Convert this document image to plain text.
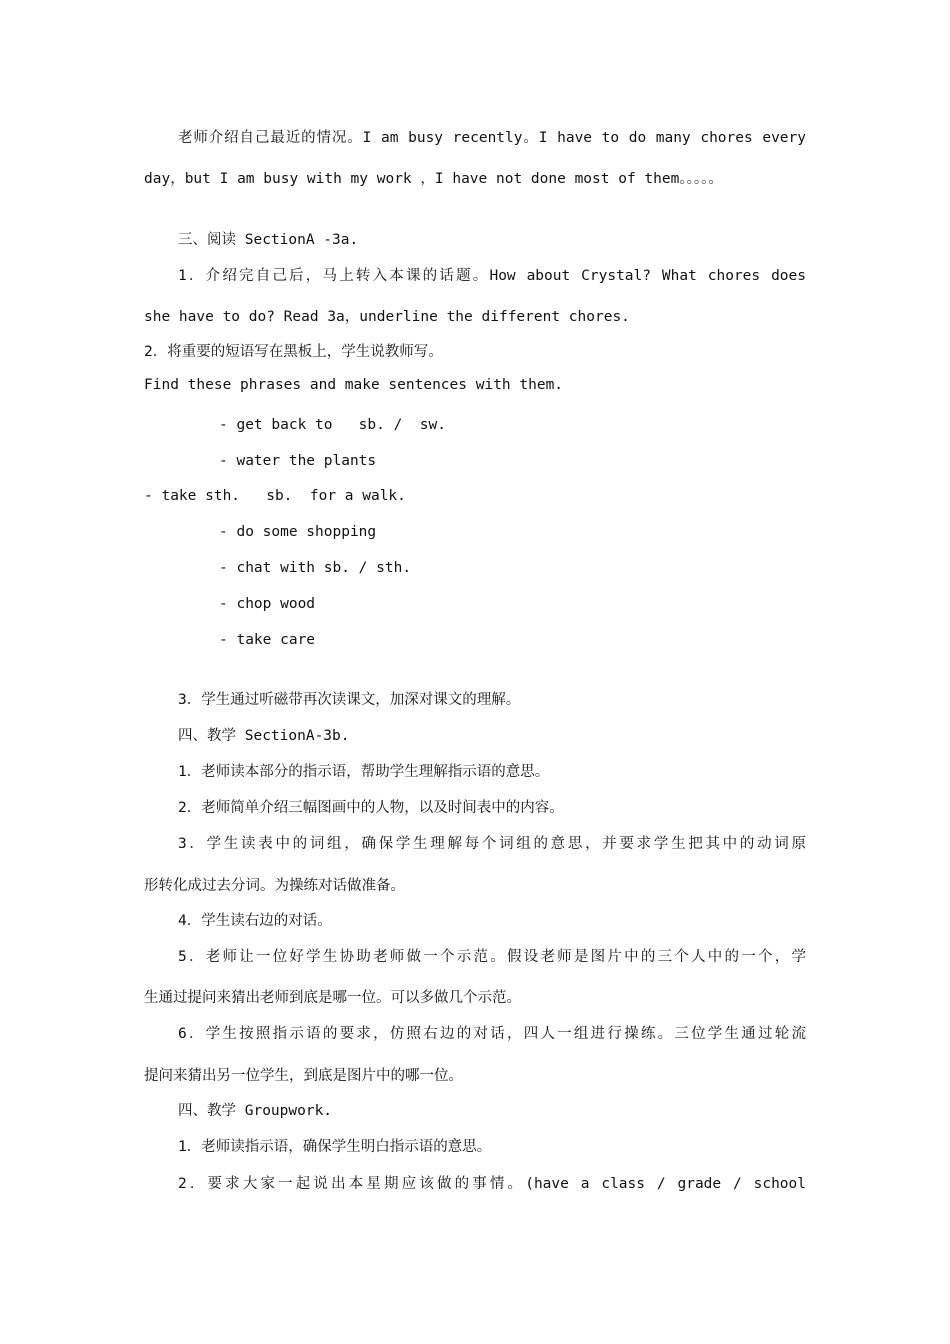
老师介绍自己最近的情况。I am busy recently。I have to do many chores every
day，but I am busy with my work ，I have not done most of them。。。。。
三、阅读 SectionA -3a.
1．介绍完自己后，马上转入本课的话题。How about Crystal? What chores does
she have to do? Read 3a，underline the different chores.
2．将重要的短语写在黑板上，学生说教师写。
Find these phrases and make sentences with them.
- get back to   sb. /  sw.
- water the plants
- take sth.   sb.  for a walk.
- do some shopping
- chat with sb. / sth.
- chop wood
- take care
3．学生通过听磁带再次读课文，加深对课文的理解。
四、教学 SectionA-3b.
1．老师读本部分的指示语，帮助学生理解指示语的意思。
2．老师简单介绍三幅图画中的人物，以及时间表中的内容。
3．学生读表中的词组，确保学生理解每个词组的意思，并要求学生把其中的动词原
形转化成过去分词。为操练对话做准备。
4．学生读右边的对话。
5．老师让一位好学生协助老师做一个示范。假设老师是图片中的三个人中的一个，学
生通过提问来猜出老师到底是哪一位。可以多做几个示范。
6．学生按照指示语的要求，仿照右边的对话，四人一组进行操练。三位学生通过轮流
提问来猜出另一位学生，到底是图片中的哪一位。
四、教学 Groupwork.
1．老师读指示语，确保学生明白指示语的意思。
2．要求大家一起说出本星期应该做的事情。(have a class / grade / school
